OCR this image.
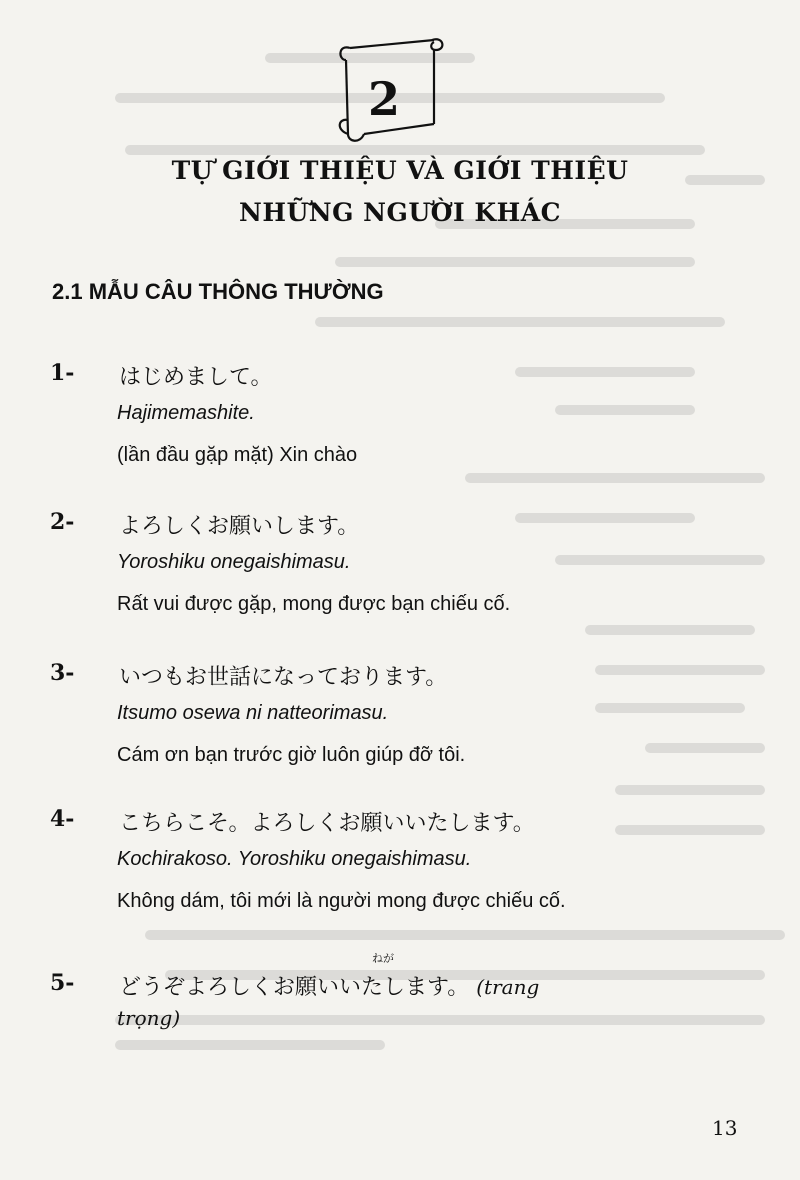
2
TỰ GIỚI THIỆU VÀ GIỚI THIỆU
NHỮNG NGƯỜI KHÁC
2.1 MẪU CÂU THÔNG THƯỜNG
1- はじめまして。
Hajimemashite.
(lần đầu gặp mặt) Xin chào
2- よろしくお願いします。
Yoroshiku onegaishimasu.
Rất vui được gặp, mong được bạn chiếu cố.
3- いつもお世話になっております。
Itsumo osewa ni natteorimasu.
Cám ơn bạn trước giờ luôn giúp đỡ tôi.
4- こちらこそ。よろしくお願いいたします。
Kochirakoso. Yoroshiku onegaishimasu.
Không dám, tôi mới là người mong được chiếu cố.
5-
ねが
どうぞよろしくお願いいたします。 (trang
trọng)
13
